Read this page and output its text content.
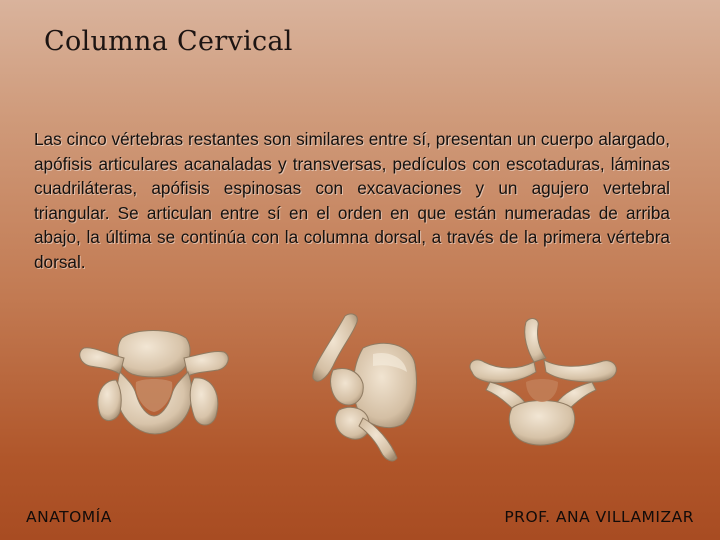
Columna Cervical
Las cinco vértebras restantes son similares entre sí, presentan un cuerpo alargado, apófisis articulares acanaladas y transversas, pedículos con escotaduras, láminas cuadriláteras, apófisis espinosas con excavaciones y un agujero vertebral triangular. Se articulan entre sí en el orden en que están numeradas de arriba abajo, la última se continúa con la columna dorsal, a través de la primera vértebra dorsal.
ANATOMÍA	PROF. ANA VILLAMIZAR
